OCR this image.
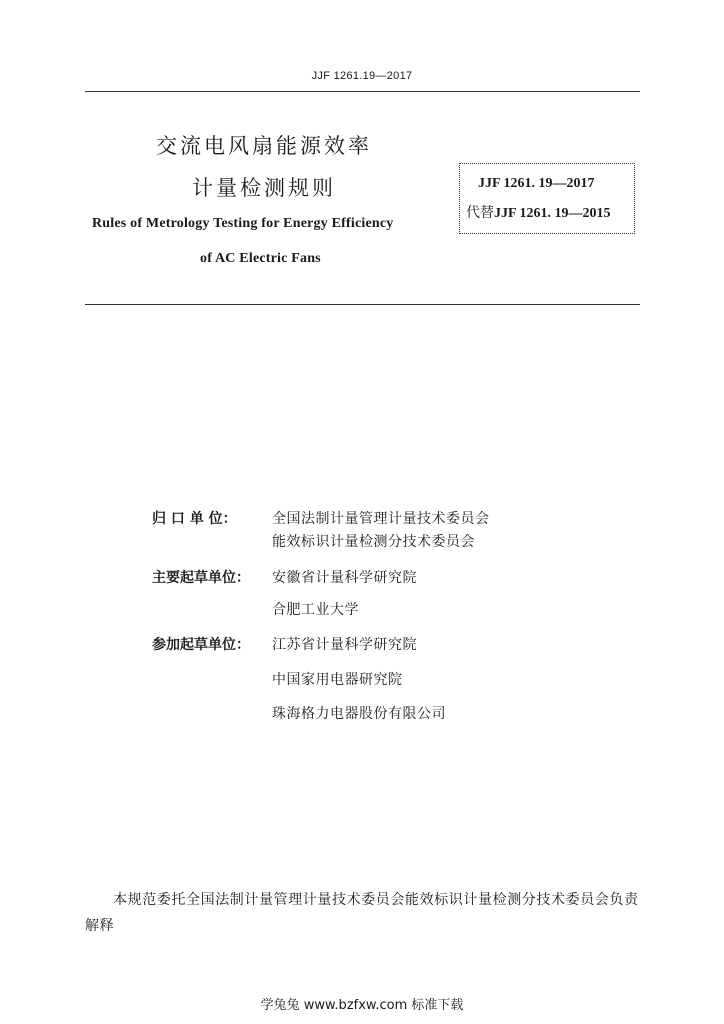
JJF 1261.19—2017
交流电风扇能源效率
计量检测规则
Rules of Metrology Testing for Energy Efficiency
of AC Electric Fans
JJF 1261. 19—2017
代替JJF 1261. 19—2015
归 口 单 位：	全国法制计量管理计量技术委员会
能效标识计量检测分技术委员会
主要起草单位： 安徽省计量科学研究院
合肥工业大学
参加起草单位： 江苏省计量科学研究院
中国家用电器研究院
珠海格力电器股份有限公司
本规范委托全国法制计量管理计量技术委员会能效标识计量检测分技术委员会负责解释
学兔兔 www.bzfxw.com 标准下载
